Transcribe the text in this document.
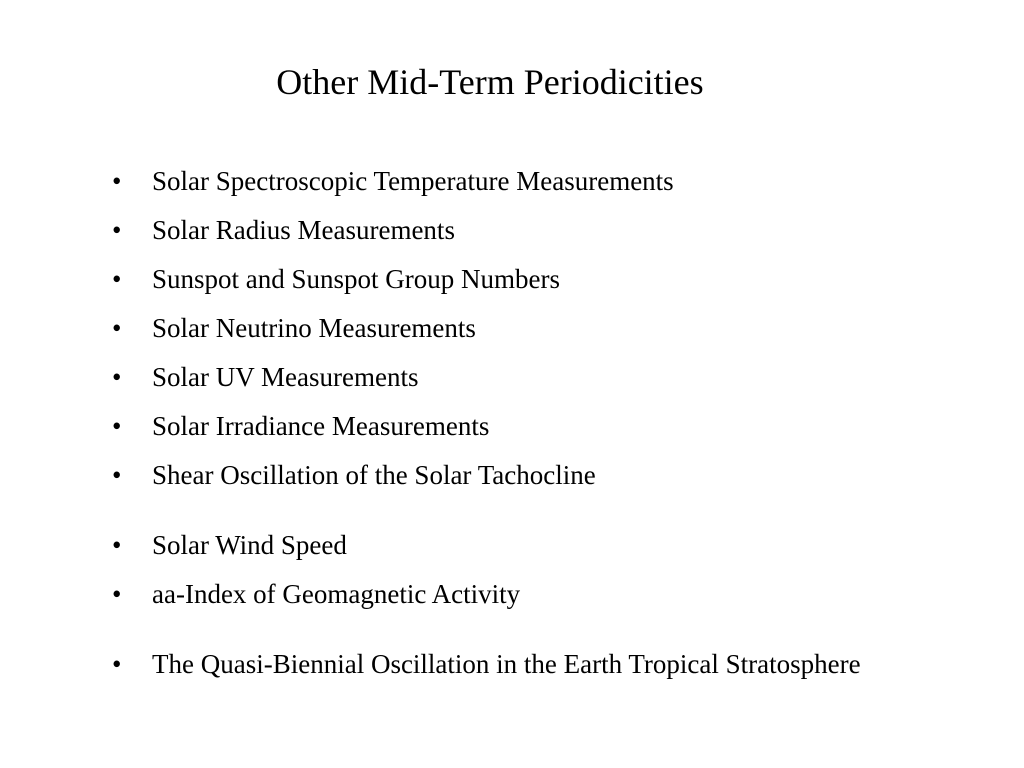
Other Mid-Term Periodicities
•	Solar Spectroscopic Temperature Measurements
•	Solar Radius Measurements
•	Sunspot and Sunspot Group Numbers
•	Solar Neutrino Measurements
•	Solar UV Measurements
•	Solar Irradiance Measurements
•	Shear Oscillation of the Solar Tachocline
•	Solar Wind Speed
•	aa-Index of Geomagnetic Activity
•	The Quasi-Biennial Oscillation in the Earth Tropical Stratosphere
